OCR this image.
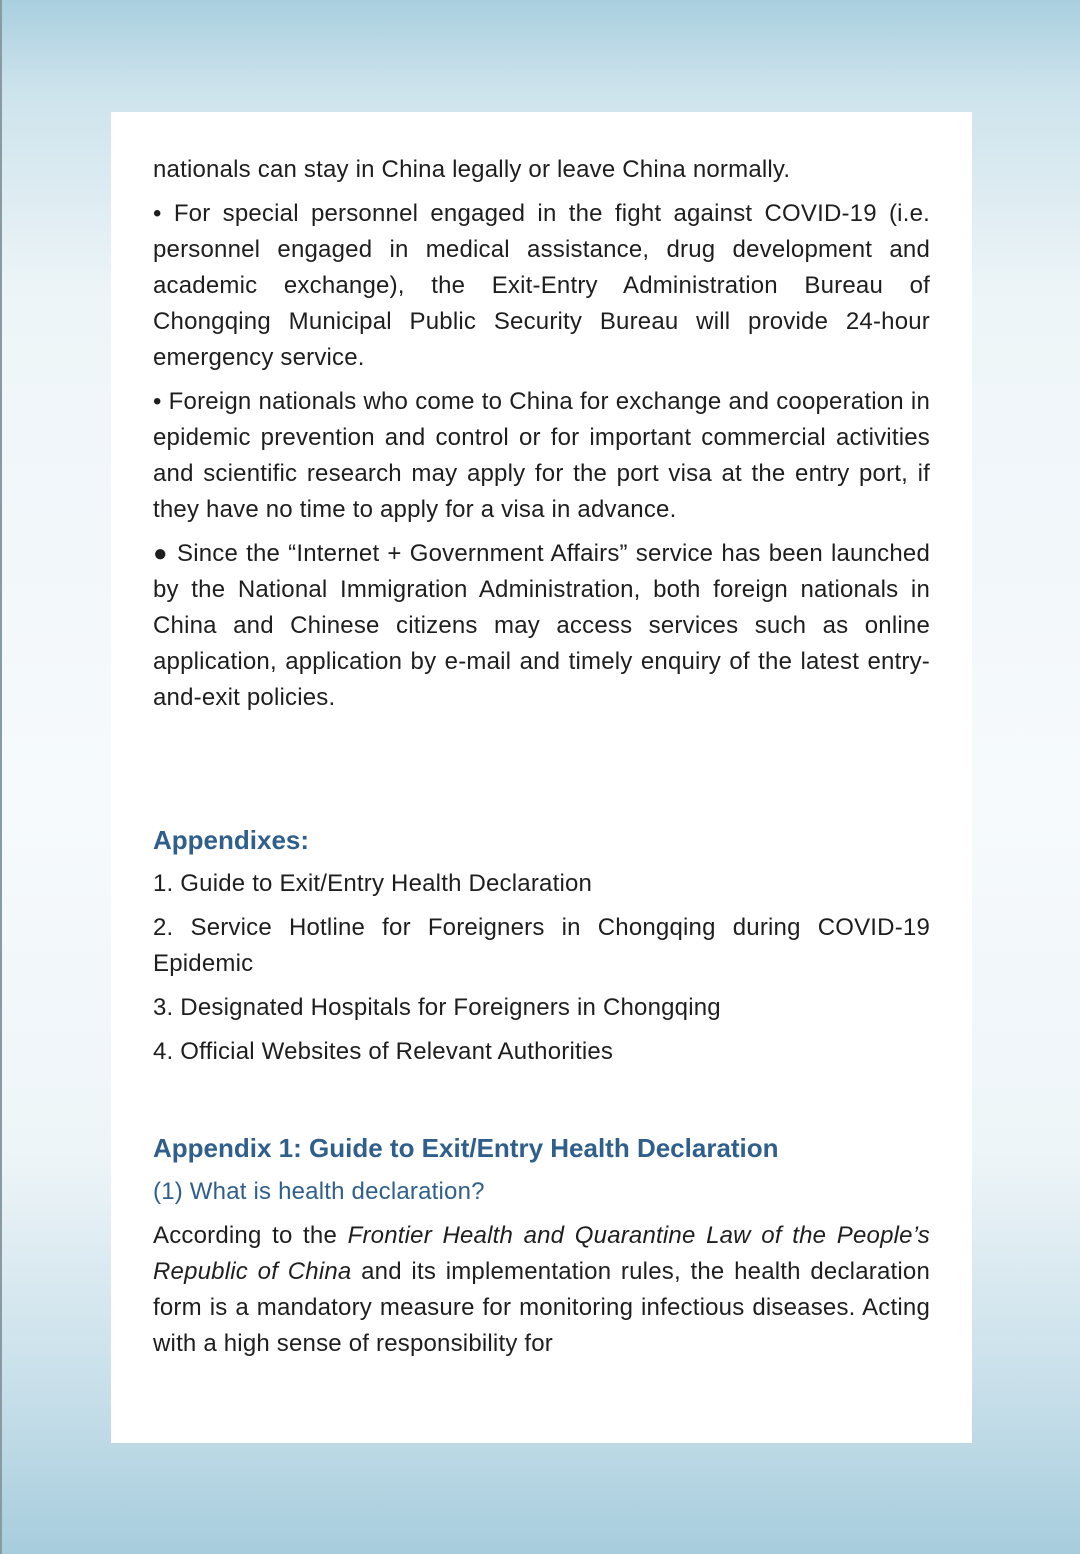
nationals can stay in China legally or leave China normally.

• For special personnel engaged in the fight against COVID-19 (i.e. personnel engaged in medical assistance, drug development and academic exchange), the Exit-Entry Administration Bureau of Chongqing Municipal Public Security Bureau will provide 24-hour emergency service.

• Foreign nationals who come to China for exchange and cooperation in epidemic prevention and control or for important commercial activities and scientific research may apply for the port visa at the entry port, if they have no time to apply for a visa in advance.

● Since the “Internet + Government Affairs” service has been launched by the National Immigration Administration, both foreign nationals in China and Chinese citizens may access services such as online application, application by e-mail and timely enquiry of the latest entry-and-exit policies.

Appendixes:

1. Guide to Exit/Entry Health Declaration

2. Service Hotline for Foreigners in Chongqing during COVID-19 Epidemic

3. Designated Hospitals for Foreigners in Chongqing

4. Official Websites of Relevant Authorities

Appendix 1: Guide to Exit/Entry Health Declaration

(1) What is health declaration?

According to the Frontier Health and Quarantine Law of the People’s Republic of China and its implementation rules, the health declaration form is a mandatory measure for monitoring infectious diseases. Acting with a high sense of responsibility for
